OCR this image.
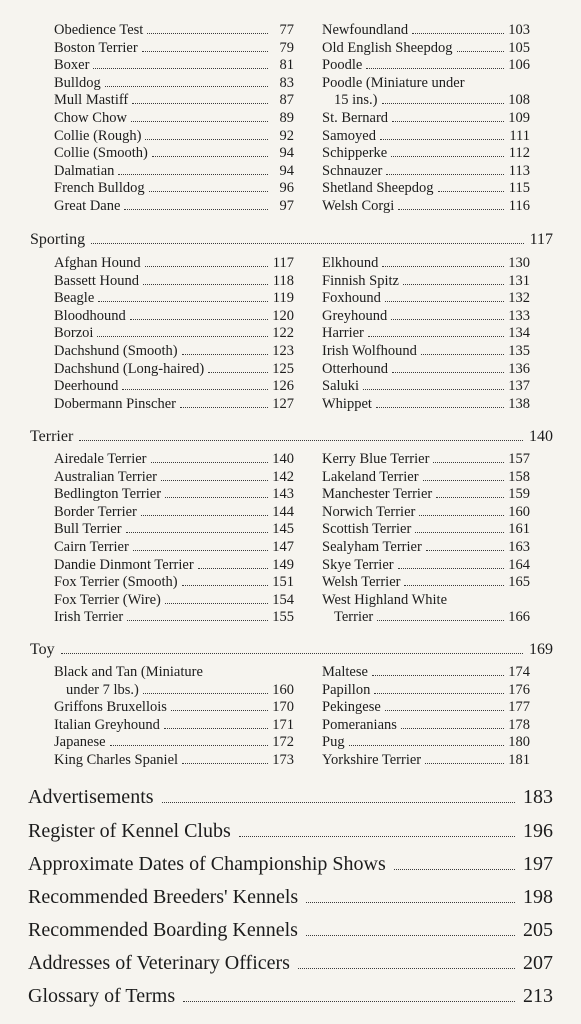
Obedience Test	77
Boston Terrier	79
Boxer	81
Bulldog	83
Mull Mastiff	87
Chow Chow	89
Collie (Rough)	92
Collie (Smooth)	94
Dalmatian	94
French Bulldog	96
Great Dane	97
Newfoundland	103
Old English Sheepdog	105
Poodle	106
Poodle (Miniature under
15 ins.)	108
St. Bernard	109
Samoyed	111
Schipperke	112
Schnauzer	113
Shetland Sheepdog	115
Welsh Corgi	116
Sporting	117
Afghan Hound	117
Bassett Hound	118
Beagle	119
Bloodhound	120
Borzoi	122
Dachshund (Smooth)	123
Dachshund (Long-haired)	125
Deerhound	126
Dobermann Pinscher	127
Elkhound	130
Finnish Spitz	131
Foxhound	132
Greyhound	133
Harrier	134
Irish Wolfhound	135
Otterhound	136
Saluki	137
Whippet	138
Terrier	140
Airedale Terrier	140
Australian Terrier	142
Bedlington Terrier	143
Border Terrier	144
Bull Terrier	145
Cairn Terrier	147
Dandie Dinmont Terrier	149
Fox Terrier (Smooth)	151
Fox Terrier (Wire)	154
Irish Terrier	155
Kerry Blue Terrier	157
Lakeland Terrier	158
Manchester Terrier	159
Norwich Terrier	160
Scottish Terrier	161
Sealyham Terrier	163
Skye Terrier	164
Welsh Terrier	165
West Highland White
Terrier	166
Toy	169
Black and Tan (Miniature
under 7 lbs.)	160
Griffons Bruxellois	170
Italian Greyhound	171
Japanese	172
King Charles Spaniel	173
Maltese	174
Papillon	176
Pekingese	177
Pomeranians	178
Pug	180
Yorkshire Terrier	181
Advertisements	183
Register of Kennel Clubs	196
Approximate Dates of Championship Shows	197
Recommended Breeders' Kennels	198
Recommended Boarding Kennels	205
Addresses of Veterinary Officers	207
Glossary of Terms	213
